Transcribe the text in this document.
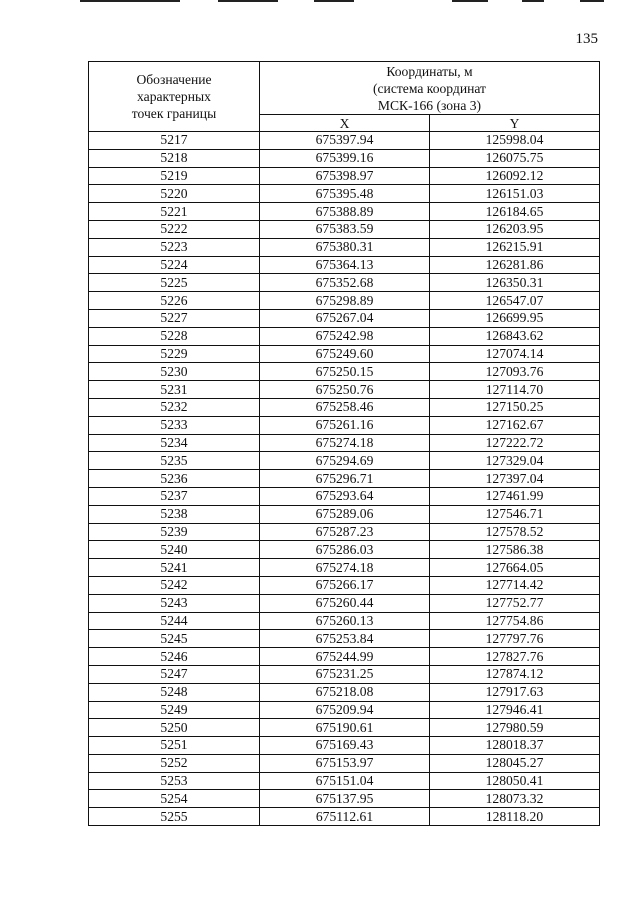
135
Обозначение
характерных
точек границы	Координаты, м
(система координат
МСК-166 (зона 3)	

	X	Y
5217	675397.94	125998.04
5218	675399.16	126075.75
5219	675398.97	126092.12
5220	675395.48	126151.03
5221	675388.89	126184.65
5222	675383.59	126203.95
5223	675380.31	126215.91
5224	675364.13	126281.86
5225	675352.68	126350.31
5226	675298.89	126547.07
5227	675267.04	126699.95
5228	675242.98	126843.62
5229	675249.60	127074.14
5230	675250.15	127093.76
5231	675250.76	127114.70
5232	675258.46	127150.25
5233	675261.16	127162.67
5234	675274.18	127222.72
5235	675294.69	127329.04
5236	675296.71	127397.04
5237	675293.64	127461.99
5238	675289.06	127546.71
5239	675287.23	127578.52
5240	675286.03	127586.38
5241	675274.18	127664.05
5242	675266.17	127714.42
5243	675260.44	127752.77
5244	675260.13	127754.86
5245	675253.84	127797.76
5246	675244.99	127827.76
5247	675231.25	127874.12
5248	675218.08	127917.63
5249	675209.94	127946.41
5250	675190.61	127980.59
5251	675169.43	128018.37
5252	675153.97	128045.27
5253	675151.04	128050.41
5254	675137.95	128073.32
5255	675112.61	128118.20
